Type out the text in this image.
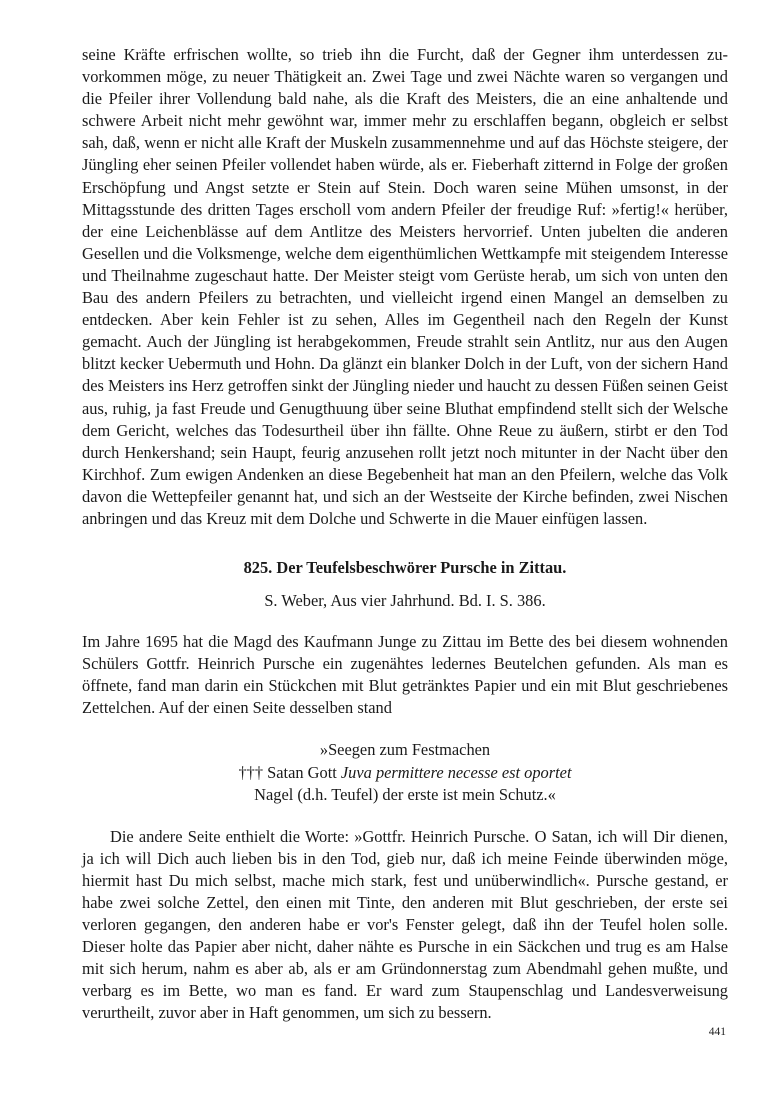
seine Kräfte erfrischen wollte, so trieb ihn die Furcht, daß der Gegner ihm unterdessen zuvorkommen möge, zu neuer Thätigkeit an. Zwei Tage und zwei Nächte waren so vergangen und die Pfeiler ihrer Vollendung bald nahe, als die Kraft des Meisters, die an eine anhaltende und schwere Arbeit nicht mehr gewöhnt war, immer mehr zu erschlaffen begann, obgleich er selbst sah, daß, wenn er nicht alle Kraft der Muskeln zusammennehme und auf das Höchste steigere, der Jüngling eher seinen Pfeiler vollendet haben würde, als er. Fieberhaft zitternd in Folge der großen Erschöpfung und Angst setzte er Stein auf Stein. Doch waren seine Mühen umsonst, in der Mittagsstunde des dritten Tages erscholl vom andern Pfeiler der freudige Ruf: »fertig!« herüber, der eine Leichenblässe auf dem Antlitze des Meisters hervorrief. Unten jubelten die anderen Gesellen und die Volksmenge, welche dem eigenthümlichen Wettkampfe mit steigendem Interesse und Theilnahme zugeschaut hatte. Der Meister steigt vom Gerüste herab, um sich von unten den Bau des andern Pfeilers zu betrachten, und vielleicht irgend einen Mangel an demselben zu entdecken. Aber kein Fehler ist zu sehen, Alles im Gegentheil nach den Regeln der Kunst gemacht. Auch der Jüngling ist herabgekommen, Freude strahlt sein Antlitz, nur aus den Augen blitzt kecker Uebermuth und Hohn. Da glänzt ein blanker Dolch in der Luft, von der sichern Hand des Meisters ins Herz getroffen sinkt der Jüngling nieder und haucht zu dessen Füßen seinen Geist aus, ruhig, ja fast Freude und Genugthuung über seine Bluthat empfindend stellt sich der Welsche dem Gericht, welches das Todesurtheil über ihn fällte. Ohne Reue zu äußern, stirbt er den Tod durch Henkershand; sein Haupt, feurig anzusehen rollt jetzt noch mitunter in der Nacht über den Kirchhof. Zum ewigen Andenken an diese Begebenheit hat man an den Pfeilern, welche das Volk davon die Wettepfeiler genannt hat, und sich an der Westseite der Kirche befinden, zwei Nischen anbringen und das Kreuz mit dem Dolche und Schwerte in die Mauer einfügen lassen.

825. Der Teufelsbeschwörer Pursche in Zittau.

S. Weber, Aus vier Jahrhund. Bd. I. S. 386.

Im Jahre 1695 hat die Magd des Kaufmann Junge zu Zittau im Bette des bei diesem wohnenden Schülers Gottfr. Heinrich Pursche ein zugenähtes ledernes Beutelchen gefunden. Als man es öffnete, fand man darin ein Stückchen mit Blut getränktes Papier und ein mit Blut geschriebenes Zettelchen. Auf der einen Seite desselben stand

»Seegen zum Festmachen
††† Satan Gott Juva permittere necesse est oportet
Nagel (d.h. Teufel) der erste ist mein Schutz.«

Die andere Seite enthielt die Worte: »Gottfr. Heinrich Pursche. O Satan, ich will Dir dienen, ja ich will Dich auch lieben bis in den Tod, gieb nur, daß ich meine Feinde überwinden möge, hiermit hast Du mich selbst, mache mich stark, fest und unüberwindlich«. Pursche gestand, er habe zwei solche Zettel, den einen mit Tinte, den anderen mit Blut geschrieben, der erste sei verloren gegangen, den anderen habe er vor's Fenster gelegt, daß ihn der Teufel holen solle. Dieser holte das Papier aber nicht, daher nähte es Pursche in ein Säckchen und trug es am Halse mit sich herum, nahm es aber ab, als er am Gründonnerstag zum Abendmahl gehen mußte, und verbarg es im Bette, wo man es fand. Er ward zum Staupenschlag und Landesverweisung verurtheilt, zuvor aber in Haft genommen, um sich zu bessern.

441
